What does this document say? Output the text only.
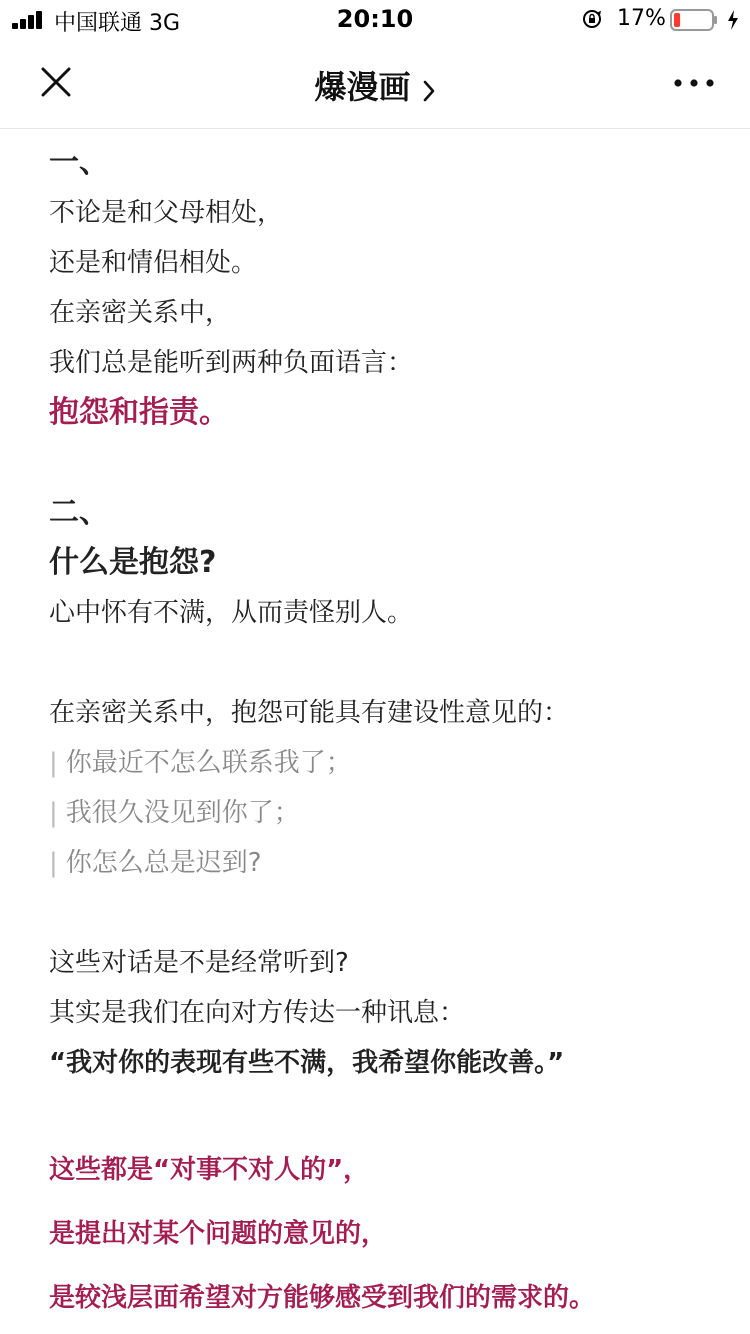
中国联通 3G	20:10	17%
爆漫画
一、
不论是和父母相处，
还是和情侣相处。
在亲密关系中，
我们总是能听到两种负面语言：
抱怨和指责。
二、
什么是抱怨?
心中怀有不满，从而责怪别人。
在亲密关系中，抱怨可能具有建设性意见的：
| 你最近不怎么联系我了；
| 我很久没见到你了；
| 你怎么总是迟到?
这些对话是不是经常听到?
其实是我们在向对方传达一种讯息：
“我对你的表现有些不满，我希望你能改善。”
这些都是“对事不对人的”，
是提出对某个问题的意见的，
是较浅层面希望对方能够感受到我们的需求的。
